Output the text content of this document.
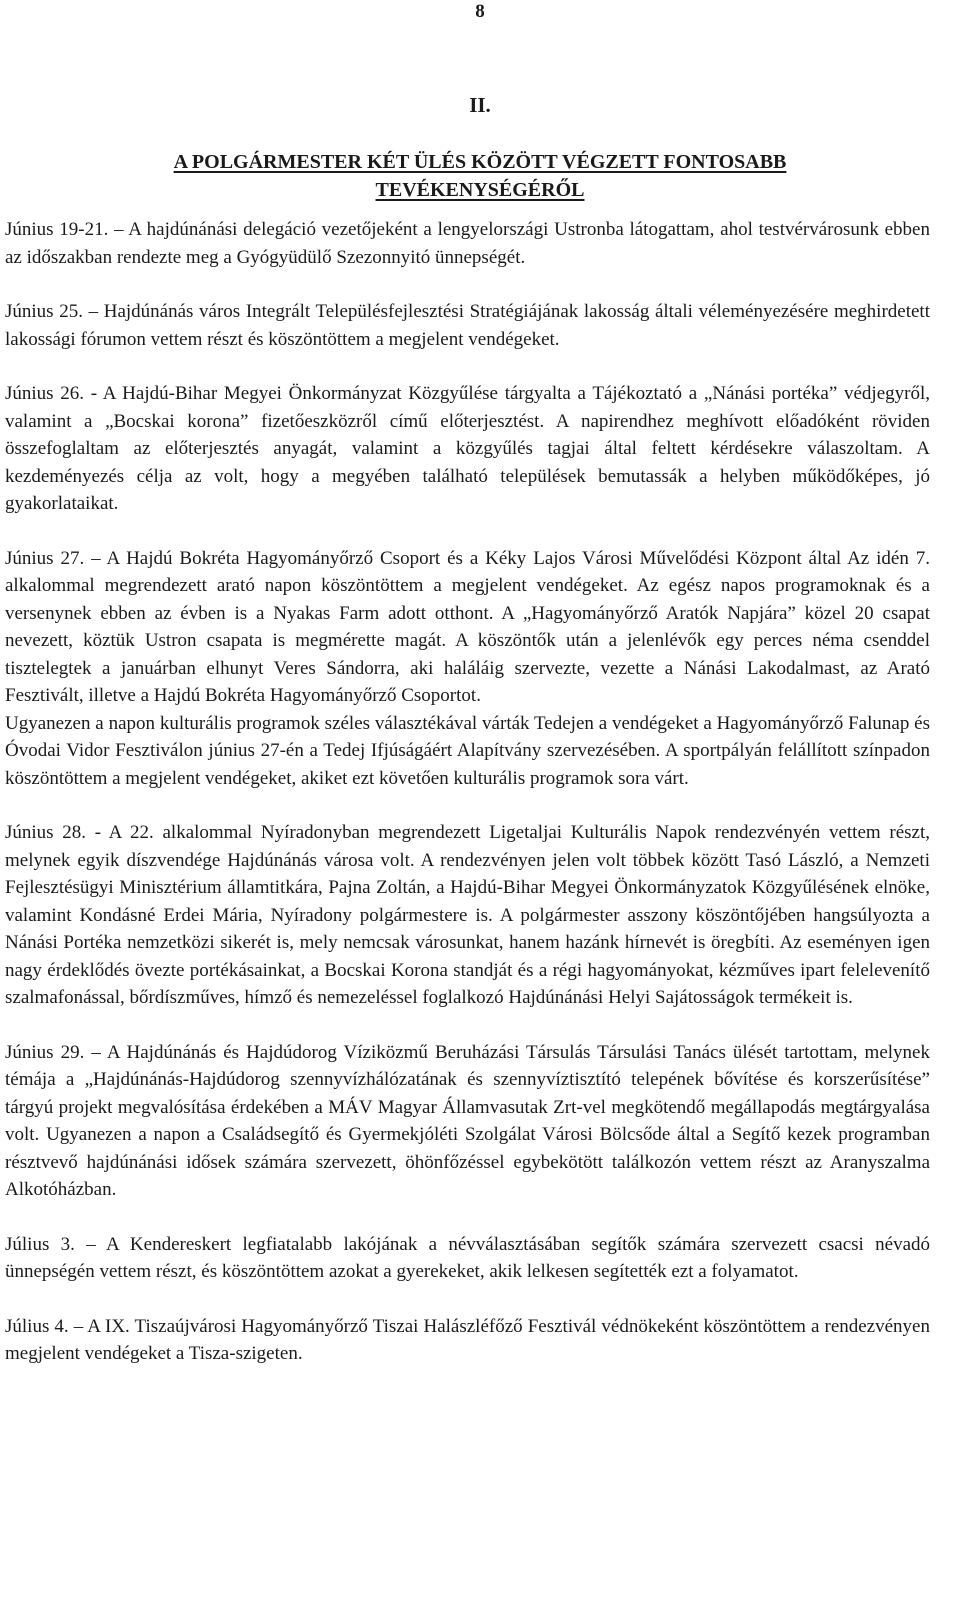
8
II.
A POLGÁRMESTER KÉT ÜLÉS KÖZÖTT VÉGZETT FONTOSABB
TEVÉKENYSÉGÉRŐL

Június 19-21. – A hajdúnánási delegáció vezetőjeként a lengyelországi Ustronba látogattam, ahol testvérvárosunk ebben az időszakban rendezte meg a Gyógyüdülő Szezonnyitó ünnepségét.

Június 25. – Hajdúnánás város Integrált Településfejlesztési Stratégiájának lakosság általi véleményezésére meghirdetett lakossági fórumon vettem részt és köszöntöttem a megjelent vendégeket.

Június 26. - A Hajdú-Bihar Megyei Önkormányzat Közgyűlése tárgyalta a Tájékoztató a „Nánási portéka” védjegyről, valamint a „Bocskai korona” fizetőeszközről című előterjesztést. A napirendhez meghívott előadóként röviden összefoglaltam az előterjesztés anyagát, valamint a közgyűlés tagjai által feltett kérdésekre válaszoltam. A kezdeményezés célja az volt, hogy a megyében található települések bemutassák a helyben működőképes, jó gyakorlataikat.

Június 27. – A Hajdú Bokréta Hagyományőrző Csoport és a Kéky Lajos Városi Művelődési Központ által Az idén 7. alkalommal megrendezett arató napon köszöntöttem a megjelent vendégeket. Az egész napos programoknak és a versenynek ebben az évben is a Nyakas Farm adott otthont. A „Hagyományőrző Aratók Napjára” közel 20 csapat nevezett, köztük Ustron csapata is megmérette magát. A köszöntők után a jelenlévők egy perces néma csenddel tisztelegtek a januárban elhunyt Veres Sándorra, aki haláláig szervezte, vezette a Nánási Lakodalmast, az Arató Fesztivált, illetve a Hajdú Bokréta Hagyományőrző Csoportot.

Ugyanezen a napon kulturális programok széles választékával várták Tedejen a vendégeket a Hagyományőrző Falunap és Óvodai Vidor Fesztiválon június 27-én a Tedej Ifjúságáért Alapítvány szervezésében. A sportpályán felállított színpadon köszöntöttem a megjelent vendégeket, akiket ezt követően kulturális programok sora várt.

Június 28. - A 22. alkalommal Nyíradonyban megrendezett Ligetaljai Kulturális Napok rendezvényén vettem részt, melynek egyik díszvendége Hajdúnánás városa volt. A rendezvényen jelen volt többek között Tasó László, a Nemzeti Fejlesztésügyi Minisztérium államtitkára, Pajna Zoltán, a Hajdú-Bihar Megyei Önkormányzatok Közgyűlésének elnöke, valamint Kondásné Erdei Mária, Nyíradony polgármestere is. A polgármester asszony köszöntőjében hangsúlyozta a Nánási Portéka nemzetközi sikerét is, mely nemcsak városunkat, hanem hazánk hírnevét is öregbíti. Az eseményen igen nagy érdeklődés övezte portékásainkat, a Bocskai Korona standját és a régi hagyományokat, kézműves ipart felelevenítő szalmafonással, bőrdíszműves, hímző és nemezeléssel foglalkozó Hajdúnánási Helyi Sajátosságok termékeit is.

Június 29. – A Hajdúnánás és Hajdúdorog Víziközmű Beruházási Társulás Társulási Tanács ülését tartottam, melynek témája a „Hajdúnánás-Hajdúdorog szennyvízhálózatának és szennyvíztisztító telepének bővítése és korszerűsítése” tárgyú projekt megvalósítása érdekében a MÁV Magyar Államvasutak Zrt-vel megkötendő megállapodás megtárgyalása volt. Ugyanezen a napon a Családsegítő és Gyermekjóléti Szolgálat Városi Bölcsőde által a Segítő kezek programban résztvevő hajdúnánási idősek számára szervezett, öhönfőzéssel egybekötött találkozón vettem részt az Aranyszalma Alkotóházban.

Július 3. – A Kendereskert legfiatalabb lakójának a névválasztásában segítők számára szervezett csacsi névadó ünnepségén vettem részt, és köszöntöttem azokat a gyerekeket, akik lelkesen segítették ezt a folyamatot.

Július 4. – A IX. Tiszaújvárosi Hagyományőrző Tiszai Halászléfőző Fesztivál védnökeként köszöntöttem a rendezvényen megjelent vendégeket a Tisza-szigeten.
